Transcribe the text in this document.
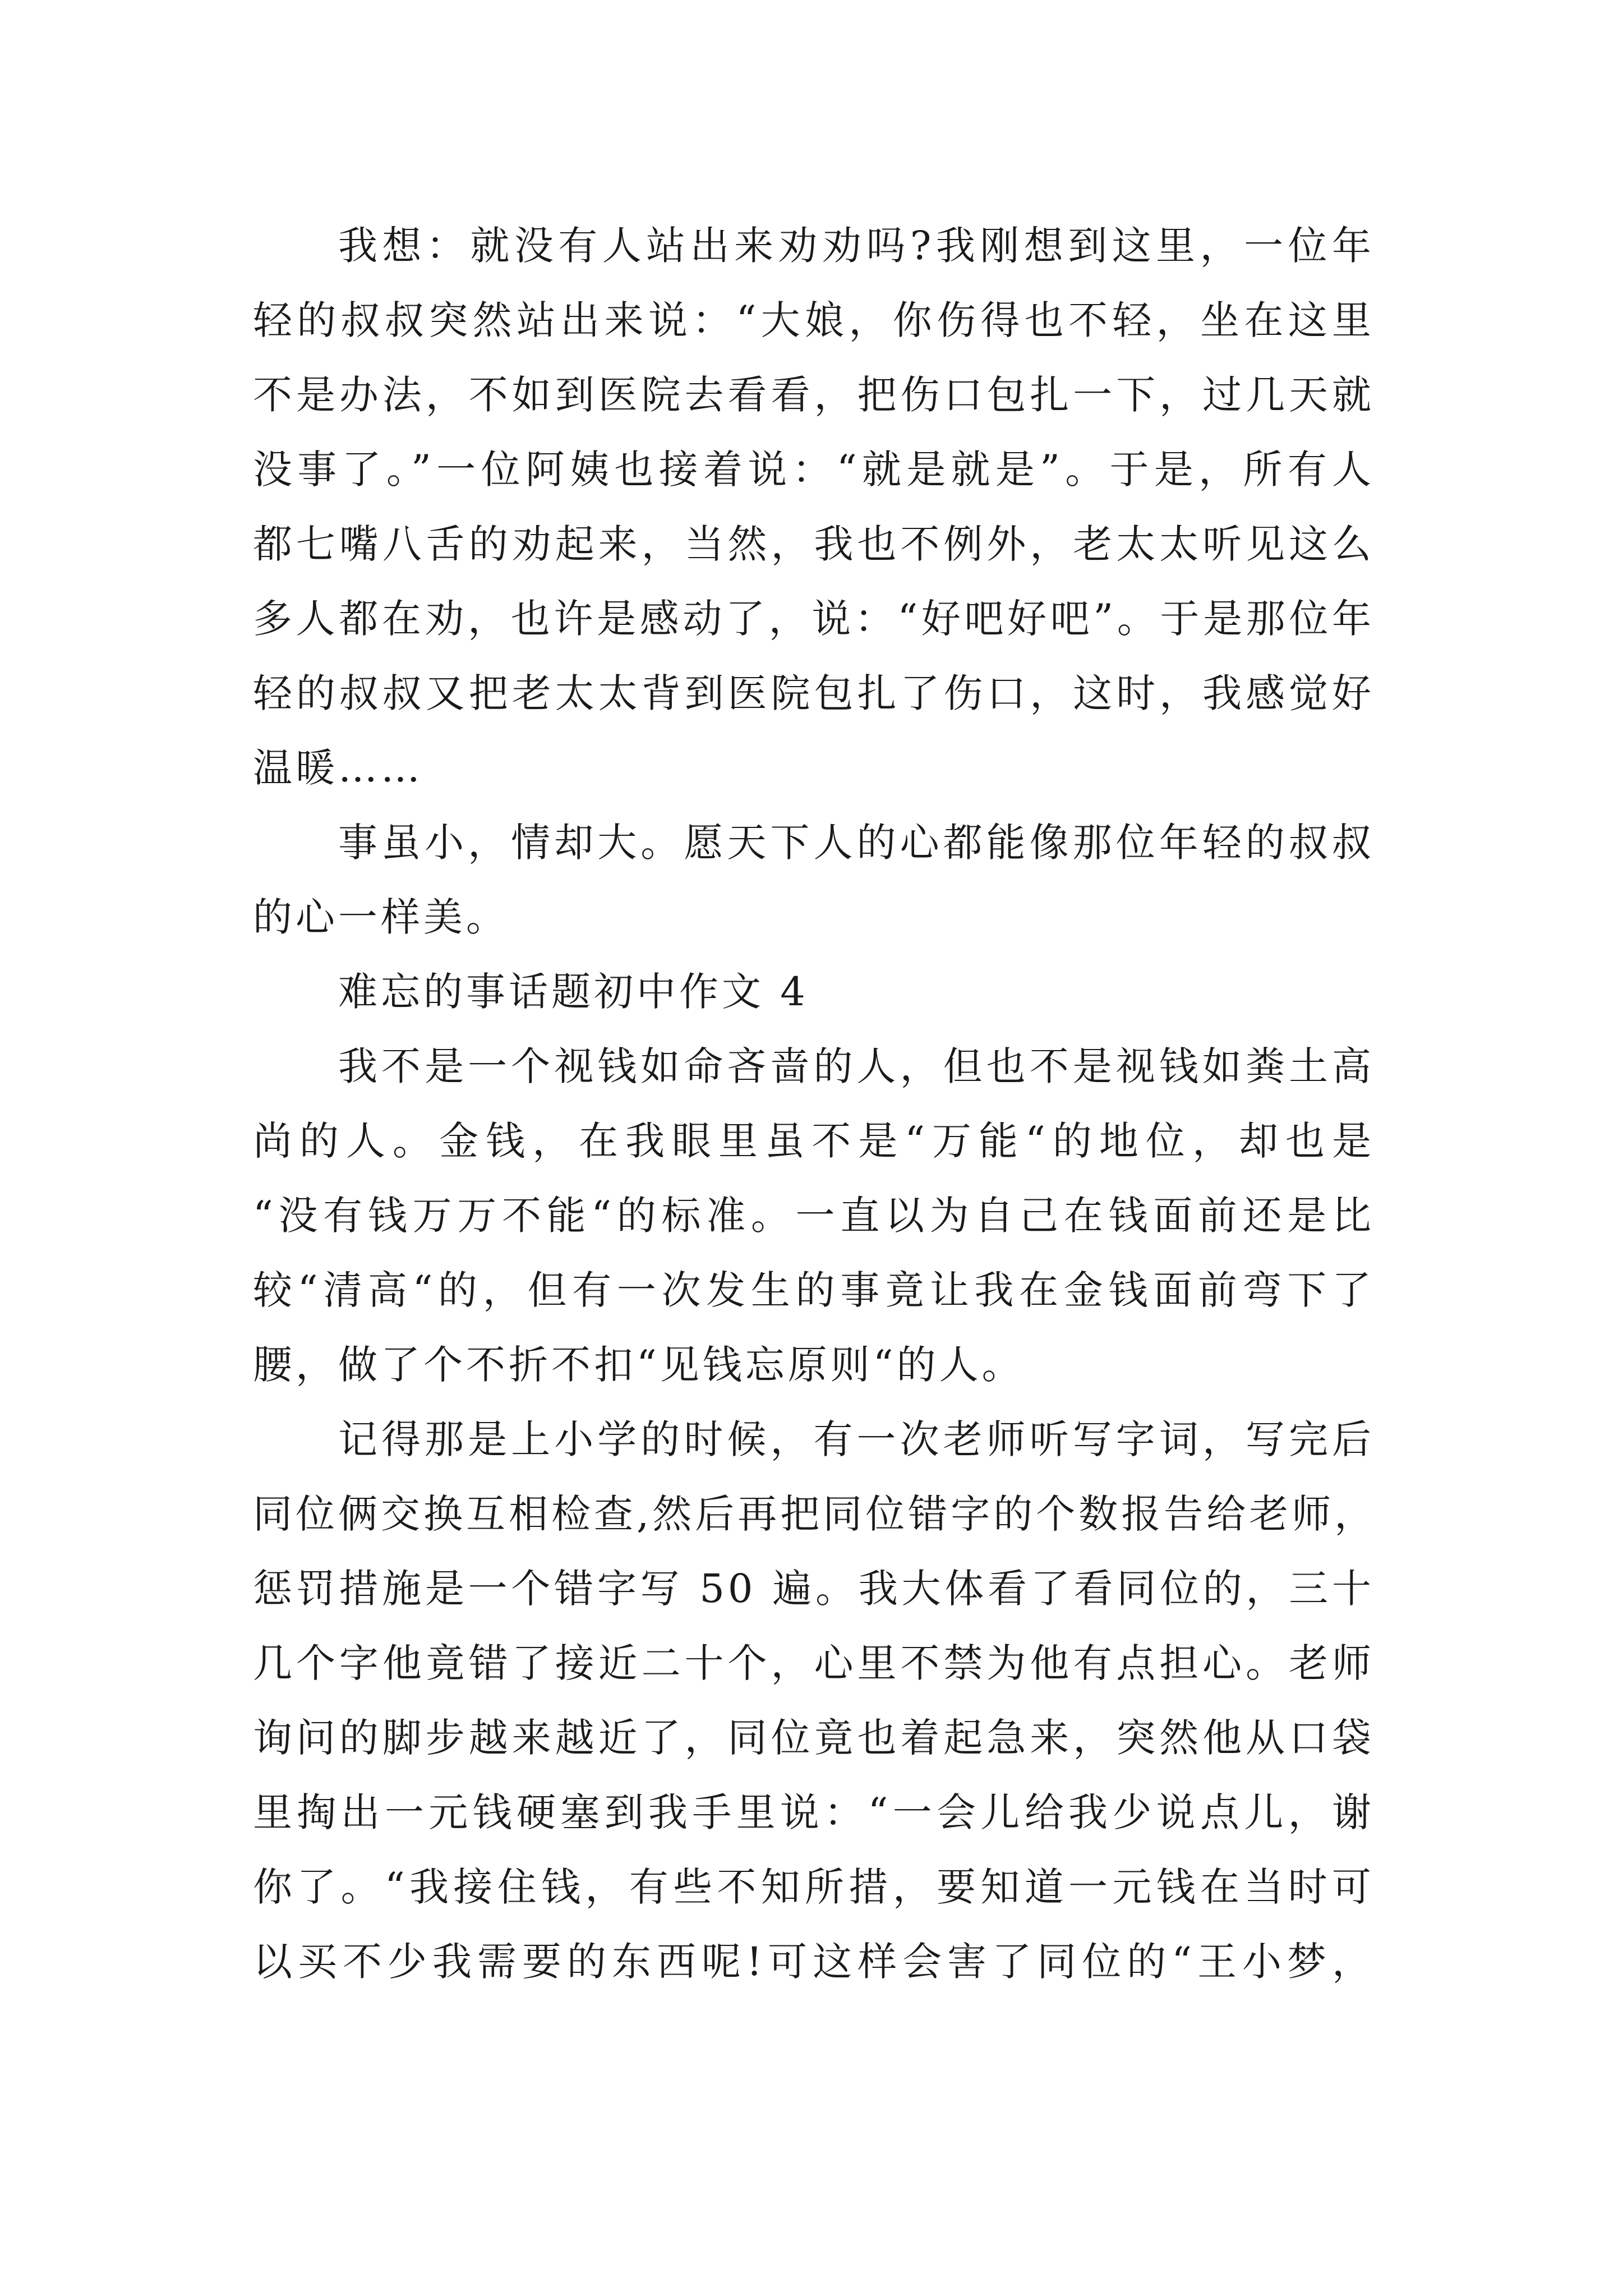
我想：就没有人站出来劝劝吗?我刚想到这里，一位年
轻的叔叔突然站出来说：“大娘，你伤得也不轻，坐在这里
不是办法，不如到医院去看看，把伤口包扎一下，过几天就
没事了。”一位阿姨也接着说：“就是就是”。于是，所有人
都七嘴八舌的劝起来，当然，我也不例外，老太太听见这么
多人都在劝，也许是感动了，说：“好吧好吧”。于是那位年
轻的叔叔又把老太太背到医院包扎了伤口，这时，我感觉好
温暖……
事虽小，情却大。愿天下人的心都能像那位年轻的叔叔
的心一样美。
难忘的事话题初中作文 4
我不是一个视钱如命吝啬的人，但也不是视钱如粪土高
尚的人。金钱，在我眼里虽不是“万能“的地位，却也是
“没有钱万万不能“的标准。一直以为自己在钱面前还是比
较“清高“的，但有一次发生的事竟让我在金钱面前弯下了
腰，做了个不折不扣“见钱忘原则“的人。
记得那是上小学的时候，有一次老师听写字词，写完后
同位俩交换互相检查,然后再把同位错字的个数报告给老师，
惩罚措施是一个错字写 50 遍。我大体看了看同位的，三十
几个字他竟错了接近二十个，心里不禁为他有点担心。老师
询问的脚步越来越近了，同位竟也着起急来，突然他从口袋
里掏出一元钱硬塞到我手里说：“一会儿给我少说点儿，谢
你了。“我接住钱，有些不知所措，要知道一元钱在当时可
以买不少我需要的东西呢!可这样会害了同位的“王小梦，
